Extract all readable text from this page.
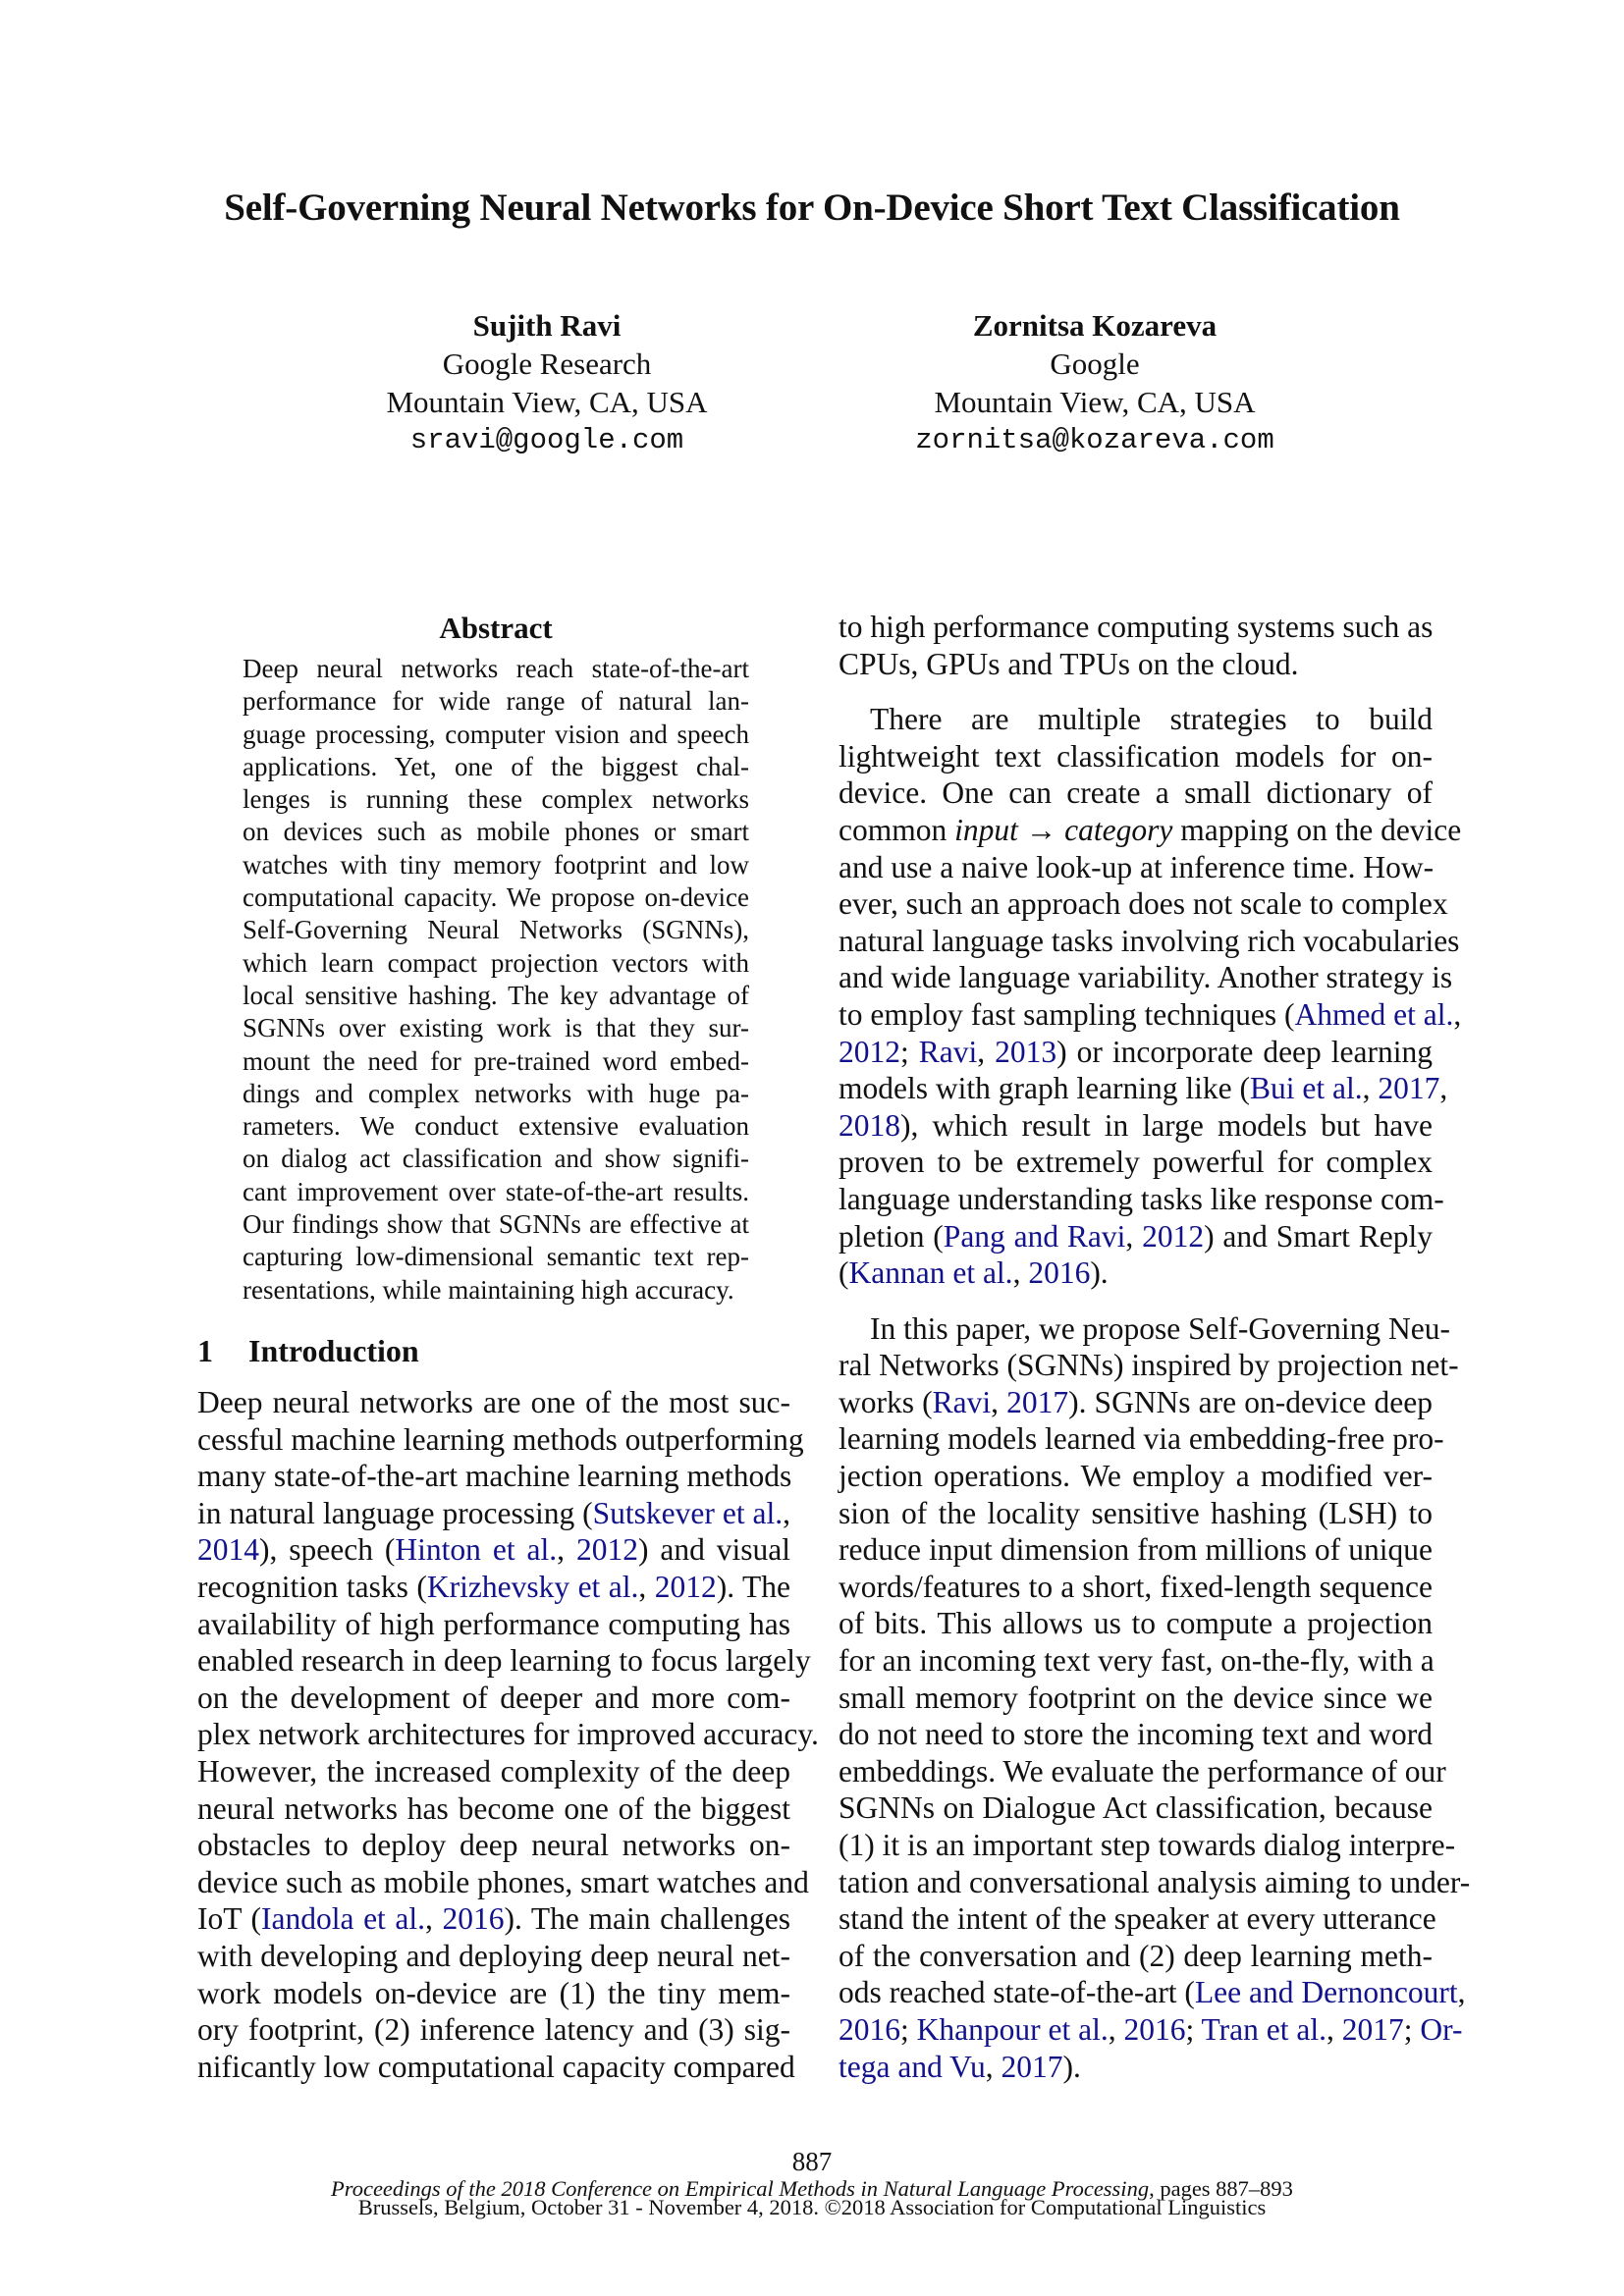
Self-Governing Neural Networks for On-Device Short Text Classification
Sujith Ravi
Google Research
Mountain View, CA, USA
sravi@google.com
Zornitsa Kozareva
Google
Mountain View, CA, USA
zornitsa@kozareva.com
Abstract
Deep neural networks reach state-of-the-art
performance for wide range of natural lan-
guage processing, computer vision and speech
applications. Yet, one of the biggest chal-
lenges is running these complex networks
on devices such as mobile phones or smart
watches with tiny memory footprint and low
computational capacity. We propose on-device
Self-Governing Neural Networks (SGNNs),
which learn compact projection vectors with
local sensitive hashing. The key advantage of
SGNNs over existing work is that they sur-
mount the need for pre-trained word embed-
dings and complex networks with huge pa-
rameters. We conduct extensive evaluation
on dialog act classification and show signifi-
cant improvement over state-of-the-art results.
Our findings show that SGNNs are effective at
capturing low-dimensional semantic text rep-
resentations, while maintaining high accuracy.
1 Introduction
Deep neural networks are one of the most suc-
cessful machine learning methods outperforming
many state-of-the-art machine learning methods
in natural language processing (Sutskever et al.,
2014), speech (Hinton et al., 2012) and visual
recognition tasks (Krizhevsky et al., 2012). The
availability of high performance computing has
enabled research in deep learning to focus largely
on the development of deeper and more com-
plex network architectures for improved accuracy.
However, the increased complexity of the deep
neural networks has become one of the biggest
obstacles to deploy deep neural networks on-
device such as mobile phones, smart watches and
IoT (Iandola et al., 2016). The main challenges
with developing and deploying deep neural net-
work models on-device are (1) the tiny mem-
ory footprint, (2) inference latency and (3) sig-
nificantly low computational capacity compared
to high performance computing systems such as
CPUs, GPUs and TPUs on the cloud.
There are multiple strategies to build
lightweight text classification models for on-
device. One can create a small dictionary of
common input → category mapping on the device
and use a naive look-up at inference time. How-
ever, such an approach does not scale to complex
natural language tasks involving rich vocabularies
and wide language variability. Another strategy is
to employ fast sampling techniques (Ahmed et al.,
2012; Ravi, 2013) or incorporate deep learning
models with graph learning like (Bui et al., 2017,
2018), which result in large models but have
proven to be extremely powerful for complex
language understanding tasks like response com-
pletion (Pang and Ravi, 2012) and Smart Reply
(Kannan et al., 2016).
In this paper, we propose Self-Governing Neu-
ral Networks (SGNNs) inspired by projection net-
works (Ravi, 2017). SGNNs are on-device deep
learning models learned via embedding-free pro-
jection operations. We employ a modified ver-
sion of the locality sensitive hashing (LSH) to
reduce input dimension from millions of unique
words/features to a short, fixed-length sequence
of bits. This allows us to compute a projection
for an incoming text very fast, on-the-fly, with a
small memory footprint on the device since we
do not need to store the incoming text and word
embeddings. We evaluate the performance of our
SGNNs on Dialogue Act classification, because
(1) it is an important step towards dialog interpre-
tation and conversational analysis aiming to under-
stand the intent of the speaker at every utterance
of the conversation and (2) deep learning meth-
ods reached state-of-the-art (Lee and Dernoncourt,
2016; Khanpour et al., 2016; Tran et al., 2017; Or-
tega and Vu, 2017).
887
Proceedings of the 2018 Conference on Empirical Methods in Natural Language Processing, pages 887–893
Brussels, Belgium, October 31 - November 4, 2018. ©2018 Association for Computational Linguistics
